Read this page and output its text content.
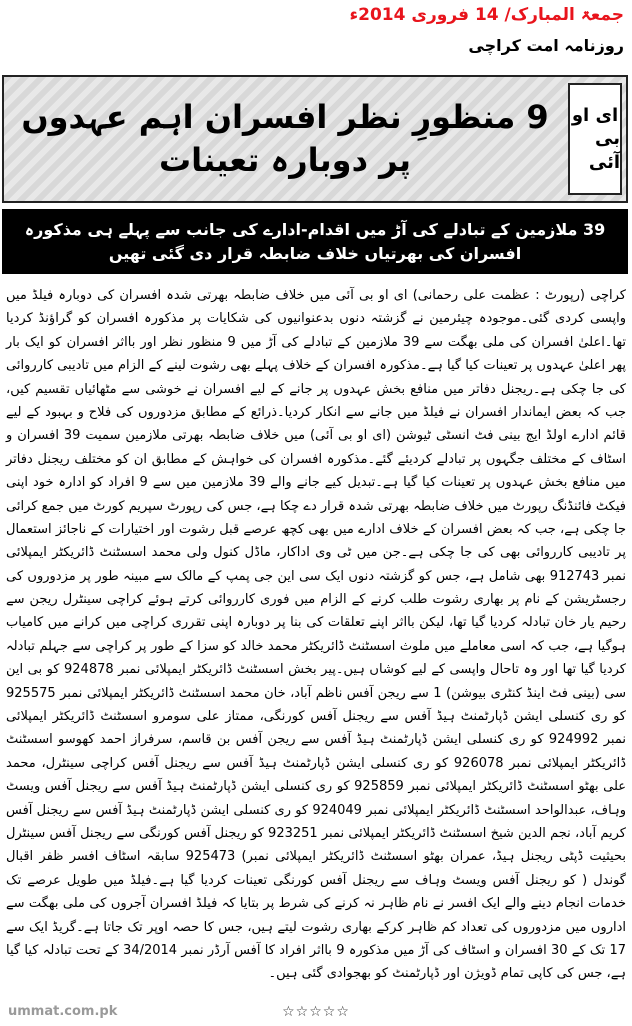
جمعۃ المبارک/ 14 فروری 2014ء
روزنامہ امت کراچی
ای او
بی آئی
9 منظورِ نظر افسران اہم عہدوں پر دوبارہ تعینات
39 ملازمین کے تبادلے کی آڑ میں اقدام-ادارے کی جانب سے پہلے ہی مذکورہ افسران کی بھرتیاں خلاف ضابطہ قرار دی گئی تھیں
کراچی (رپورٹ : عظمت علی رحمانی) ای او بی آئی میں خلاف ضابطہ بھرتی شدہ افسران کی دوبارہ فیلڈ میں واپسی کردی گئی۔موجودہ چیئرمین نے گزشتہ دنوں بدعنوانیوں کی شکایات پر مذکورہ افسران کو گراؤنڈ کردیا تھا۔اعلیٰ افسران کی ملی بھگت سے 39 ملازمین کے تبادلے کی آڑ میں 9 منظور نظر اور بااثر افسران کو ایک بار پھر اعلیٰ عہدوں پر تعینات کیا گیا ہے۔مذکورہ افسران کے خلاف پہلے بھی رشوت لینے کے الزام میں تادیبی کارروائی کی جا چکی ہے۔ریجنل دفاتر میں منافع بخش عہدوں پر جانے کے لیے افسران نے خوشی سے مٹھائیاں تقسیم کیں، جب کہ بعض ایماندار افسران نے فیلڈ میں جانے سے انکار کردیا۔ذرائع کے مطابق مزدوروں کی فلاح و بہبود کے لیے قائم ادارے اولڈ ایج بینی فٹ انسٹی ٹیوشن (ای او بی آئی) میں خلاف ضابطہ بھرتی ملازمین سمیت 39 افسران و اسٹاف کے مختلف جگہوں پر تبادلے کردیئے گئے۔مذکورہ افسران کی خواہش کے مطابق ان کو مختلف ریجنل دفاتر میں منافع بخش عہدوں پر تعینات کیا گیا ہے۔تبدیل کیے جانے والے 39 ملازمین میں سے 9 افراد کو ادارہ خود اپنی فیکٹ فائنڈنگ رپورٹ میں خلاف ضابطہ بھرتی شدہ قرار دے چکا ہے، جس کی رپورٹ سپریم کورٹ میں جمع کرائی جا چکی ہے، جب کہ بعض افسران کے خلاف ادارے میں بھی کچھ عرصے قبل رشوت اور اختیارات کے ناجائز استعمال پر تادیبی کارروائی بھی کی جا چکی ہے۔جن میں ٹی وی اداکار، ماڈل کنول ولی محمد اسسٹنٹ ڈائریکٹر ایمپلائی نمبر 912743 بھی شامل ہے، جس کو گزشتہ دنوں ایک سی این جی پمپ کے مالک سے مبینہ طور پر مزدوروں کی رجسٹریشن کے نام پر بھاری رشوت طلب کرنے کے الزام میں فوری کارروائی کرتے ہوئے کراچی سینٹرل ریجن سے رحیم یار خان تبادلہ کردیا گیا تھا، لیکن بااثر اپنے تعلقات کی بنا پر دوبارہ اپنی تقرری کراچی میں کرانے میں کامیاب ہوگیا ہے، جب کہ اسی معاملے میں ملوث اسسٹنٹ ڈائریکٹر محمد خالد کو سزا کے طور پر کراچی سے جہلم تبادلہ کردیا گیا تھا اور وہ تاحال واپسی کے لیے کوشاں ہیں۔پیر بخش اسسٹنٹ ڈائریکٹر ایمپلائی نمبر 924878 کو بی این سی (بینی فٹ اینڈ کنٹری بیوشن) 1 سے ریجن آفس ناظم آباد، خان محمد اسسٹنٹ ڈائریکٹر ایمپلائی نمبر 925575 کو ری کنسلی ایشن ڈپارٹمنٹ ہیڈ آفس سے ریجنل آفس کورنگی، ممتاز علی سومرو اسسٹنٹ ڈائریکٹر ایمپلائی نمبر 924992 کو ری کنسلی ایشن ڈپارٹمنٹ ہیڈ آفس سے ریجن آفس بن قاسم، سرفراز احمد کھوسو اسسٹنٹ ڈائریکٹر ایمپلائی نمبر 926078 کو ری کنسلی ایشن ڈپارٹمنٹ ہیڈ آفس سے ریجنل آفس کراچی سینٹرل، محمد علی بھٹو اسسٹنٹ ڈائریکٹر ایمپلائی نمبر 925859 کو ری کنسلی ایشن ڈپارٹمنٹ ہیڈ آفس سے ریجنل آفس ویسٹ وہاف، عبدالواحد اسسٹنٹ ڈائریکٹر ایمپلائی نمبر 924049 کو ری کنسلی ایشن ڈپارٹمنٹ ہیڈ آفس سے ریجنل آفس کریم آباد، نجم الدین شیخ اسسٹنٹ ڈائریکٹر ایمپلائی نمبر 923251 کو ریجنل آفس کورنگی سے ریجنل آفس سینٹرل بحیثیت ڈپٹی ریجنل ہیڈ، عمران بھٹو اسسٹنٹ ڈائریکٹر ایمپلائی نمبر) 925473 سابقہ اسٹاف افسر ظفر اقبال گوندل ( کو ریجنل آفس ویسٹ وہاف سے ریجنل آفس کورنگی تعینات کردیا گیا ہے۔فیلڈ میں طویل عرصے تک خدمات انجام دینے والے ایک افسر نے نام ظاہر نہ کرنے کی شرط پر بتایا کہ فیلڈ افسران آجروں کی ملی بھگت سے اداروں میں مزدوروں کی تعداد کم ظاہر کرکے بھاری رشوت لیتے ہیں، جس کا حصہ اوپر تک جاتا ہے۔گریڈ ایک سے 17 تک کے 30 افسران و اسٹاف کی آڑ میں مذکورہ 9 بااثر افراد کا آفس آرڈر نمبر 34/2014 کے تحت تبادلہ کیا گیا ہے، جس کی کاپی تمام ڈویژن اور ڈپارٹمنٹ کو بھجوادی گئی ہیں۔
ummat.com.pk	☆☆☆☆☆
